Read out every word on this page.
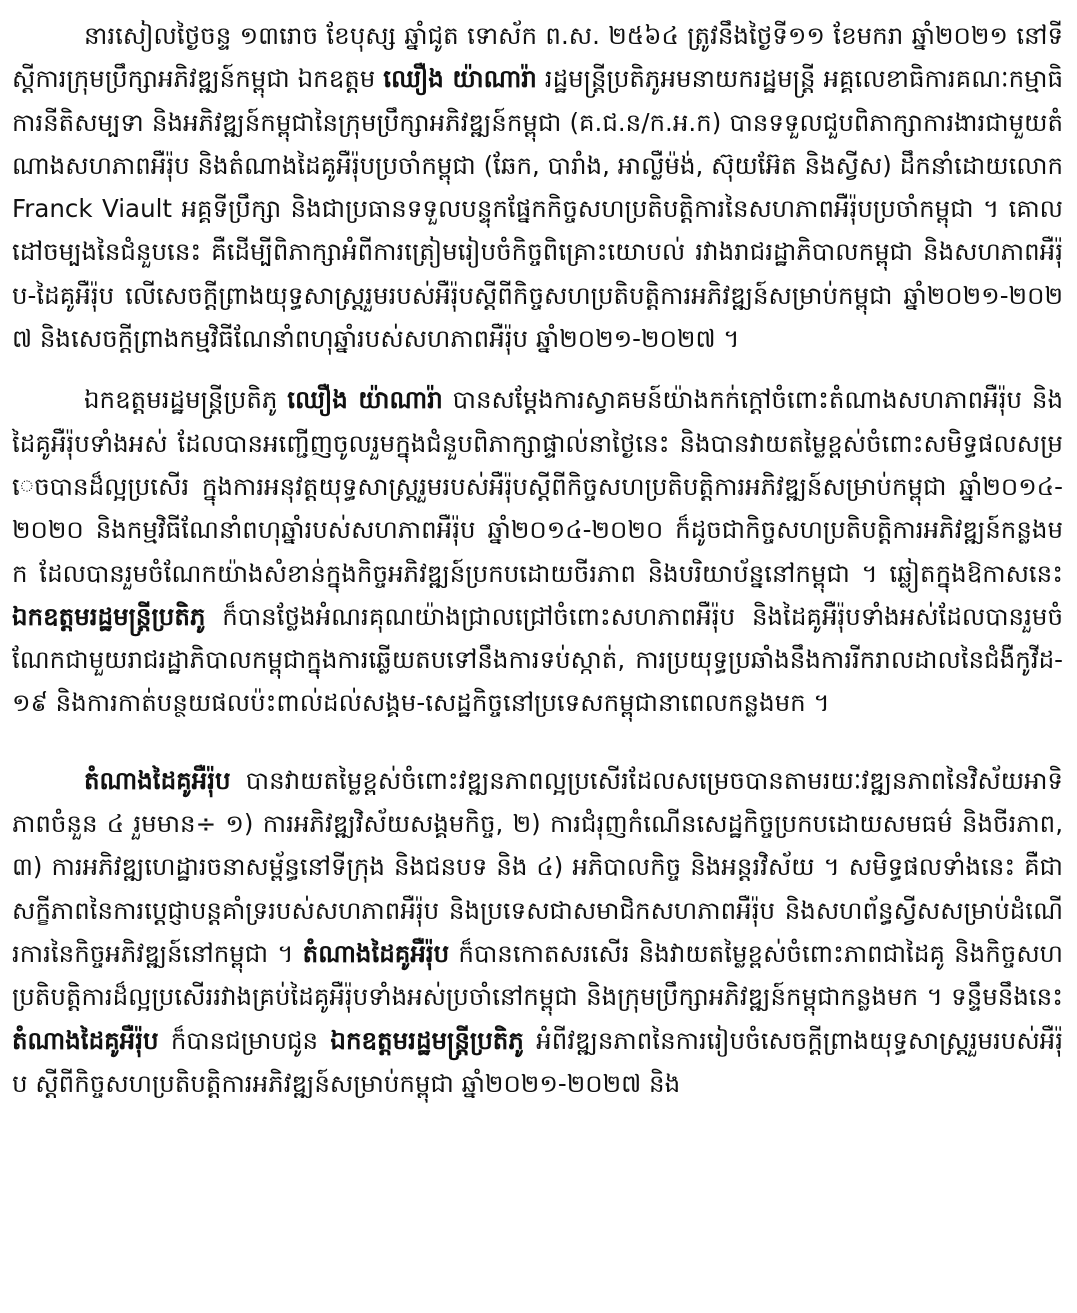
នារសៀលថ្ងៃចន្ទ ១៣រោច ខែបុស្ស ឆ្នាំជូត ទោស័ក ព.ស. ២៥៦៤ ត្រូវនឹងថ្ងៃទី១១ ខែមករា ឆ្នាំ២០២១ នៅទីស្តីការក្រុមប្រឹក្សាអភិវឌ្ឍន៍កម្ពុជា ឯកឧត្តម ឈឿង យ៉ាណារ៉ា រដ្ឋមន្ត្រីប្រតិភូអមនាយករដ្ឋមន្ត្រី អគ្គលេខាធិការគណៈកម្មាធិការនីតិសម្បទា និងអភិវឌ្ឍន៍កម្ពុជានៃក្រុមប្រឹក្សាអភិវឌ្ឍន៍កម្ពុជា (គ.ជ.ន/ក.អ.ក) បានទទួលជួបពិភាក្សាការងារជាមួយតំណាងសហភាពអឺរ៉ុប និងតំណាងដៃគូអឺរ៉ុបប្រចាំកម្ពុជា (ឆែក, បារាំង, អាល្លឺម៉ង់, ស៊ុយអ៊ែត និងស្វីស) ដឹកនាំដោយលោក Franck Viault អគ្គទីប្រឹក្សា និងជាប្រធានទទួលបន្ទុកផ្នែកកិច្ចសហប្រតិបត្តិការនៃសហភាពអឺរ៉ុបប្រចាំកម្ពុជា ។ គោលដៅចម្បងនៃជំនួបនេះ គឺដើម្បីពិភាក្សាអំពីការត្រៀមរៀបចំកិច្ចពិគ្រោះយោបល់ រវាងរាជរដ្ឋាភិបាលកម្ពុជា និងសហភាពអឺរ៉ុប-ដៃគូអឺរ៉ុប លើសេចក្តីព្រាងយុទ្ធសាស្ត្ររួមរបស់អឺរ៉ុបស្តីពីកិច្ចសហប្រតិបត្តិការអភិវឌ្ឍន៍សម្រាប់កម្ពុជា ឆ្នាំ២០២១-២០២៧ និងសេចក្តីព្រាងកម្មវិធីណែនាំពហុឆ្នាំរបស់សហភាពអឺរ៉ុប ឆ្នាំ២០២១-២០២៧ ។

ឯកឧត្តមរដ្ឋមន្ត្រីប្រតិភូ ឈឿង យ៉ាណារ៉ា បានសម្តែងការស្វាគមន៍យ៉ាងកក់ក្តៅចំពោះតំណាងសហភាពអឺរ៉ុប និងដៃគូអឺរ៉ុបទាំងអស់ ដែលបានអញ្ជើញចូលរួមក្នុងជំនួបពិភាក្សាផ្ទាល់នាថ្ងៃនេះ និងបានវាយតម្លៃខ្ពស់ចំពោះសមិទ្ធផលសម្រេចបានដ៏ល្អប្រសើរ ក្នុងការអនុវត្តយុទ្ធសាស្ត្ររួមរបស់អឺរ៉ុបស្តីពីកិច្ចសហប្រតិបត្តិការអភិវឌ្ឍន៍សម្រាប់កម្ពុជា ឆ្នាំ២០១៤-២០២០ និងកម្មវិធីណែនាំពហុឆ្នាំរបស់សហភាពអឺរ៉ុប ឆ្នាំ២០១៤-២០២០ ក៏ដូចជាកិច្ចសហប្រតិបត្តិការអភិវឌ្ឍន៍កន្លងមក ដែលបានរួមចំណែកយ៉ាងសំខាន់ក្នុងកិច្ចអភិវឌ្ឍន៍ប្រកបដោយចីរភាព និងបរិយាប័ន្ននៅកម្ពុជា ។ ឆ្លៀតក្នុងឱកាសនេះ ឯកឧត្តមរដ្ឋមន្ត្រីប្រតិភូ ក៏បានថ្លែងអំណរគុណយ៉ាងជ្រាលជ្រៅចំពោះសហភាពអឺរ៉ុប និងដៃគូអឺរ៉ុបទាំងអស់ដែលបានរួមចំណែកជាមួយរាជរដ្ឋាភិបាលកម្ពុជាក្នុងការឆ្លើយតបទៅនឹងការទប់ស្កាត់, ការប្រយុទ្ធប្រឆាំងនឹងការរីករាលដាលនៃជំងឺកូវីដ-១៩ និងការកាត់បន្ថយផលប៉ះពាល់ដល់សង្គម-សេដ្ឋកិច្ចនៅប្រទេសកម្ពុជានាពេលកន្លងមក ។

តំណាងដៃគូអឺរ៉ុប បានវាយតម្លៃខ្ពស់ចំពោះវឌ្ឍនភាពល្អប្រសើរដែលសម្រេចបានតាមរយៈវឌ្ឍនភាពនៃវិស័យអាទិភាពចំនួន ៤ រួមមាន÷ ១) ការអភិវឌ្ឍវិស័យសង្គមកិច្ច, ២) ការជំរុញកំណើនសេដ្ឋកិច្ចប្រកបដោយសមធម៌ និងចីរភាព, ៣) ការអភិវឌ្ឍហេដ្ឋារចនាសម្ព័ន្ធនៅទីក្រុង និងជនបទ និង ៤) អភិបាលកិច្ច និងអន្តរវិស័យ ។ សមិទ្ធផលទាំងនេះ គឺជាសក្ខីភាពនៃការប្តេជ្ញាបន្តគាំទ្ររបស់សហភាពអឺរ៉ុប និងប្រទេសជាសមាជិកសហភាពអឺរ៉ុប និងសហព័ន្ធស្វីសសម្រាប់ដំណើរការនៃកិច្ចអភិវឌ្ឍន៍នៅកម្ពុជា ។ តំណាងដៃគូអឺរ៉ុប ក៏បានកោតសរសើរ និងវាយតម្លៃខ្ពស់ចំពោះភាពជាដៃគូ និងកិច្ចសហប្រតិបត្តិការដ៏ល្អប្រសើររវាងគ្រប់ដៃគូអឺរ៉ុបទាំងអស់ប្រចាំនៅកម្ពុជា និងក្រុមប្រឹក្សាអភិវឌ្ឍន៍កម្ពុជាកន្លងមក ។ ទន្ទឹមនឹងនេះ តំណាងដៃគូអឺរ៉ុប ក៏បានជម្រាបជូន ឯកឧត្តមរដ្ឋមន្ត្រីប្រតិភូ អំពីវឌ្ឍនភាពនៃការរៀបចំសេចក្តីព្រាងយុទ្ធសាស្ត្ររួមរបស់អឺរ៉ុប ស្តីពីកិច្ចសហប្រតិបត្តិការអភិវឌ្ឍន៍សម្រាប់កម្ពុជា ឆ្នាំ២០២១-២០២៧ និង
